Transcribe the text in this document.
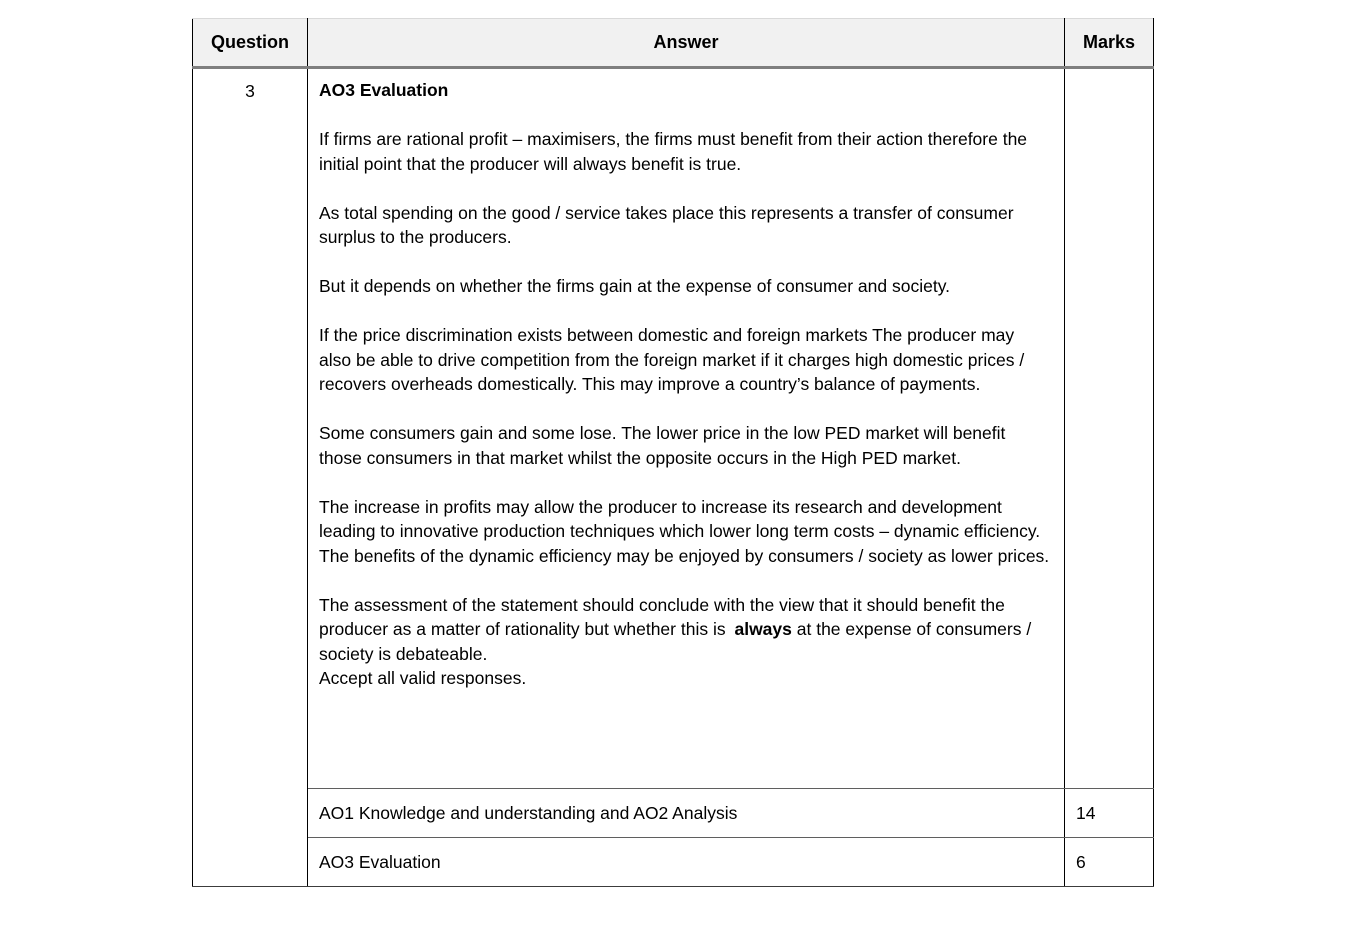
Question	Answer	Marks
3	AO3 Evaluation

If firms are rational profit – maximisers, the firms must benefit from their action therefore the initial point that the producer will always benefit is true.

As total spending on the good / service takes place this represents a transfer of consumer surplus to the producers.

But it depends on whether the firms gain at the expense of consumer and society.

If the price discrimination exists between domestic and foreign markets The producer may also be able to drive competition from the foreign market if it charges high domestic prices / recovers overheads domestically. This may improve a country’s balance of payments.

Some consumers gain and some lose. The lower price in the low PED market will benefit those consumers in that market whilst the opposite occurs in the High PED market.

The increase in profits may allow the producer to increase its research and development leading to innovative production techniques which lower long term costs – dynamic efficiency. The benefits of the dynamic efficiency may be enjoyed by consumers / society as lower prices.

The assessment of the statement should conclude with the view that it should benefit the producer as a matter of rationality but whether this is always at the expense of consumers / society is debateable.
Accept all valid responses.

	AO1 Knowledge and understanding and AO2 Analysis	14
	AO3 Evaluation	6
